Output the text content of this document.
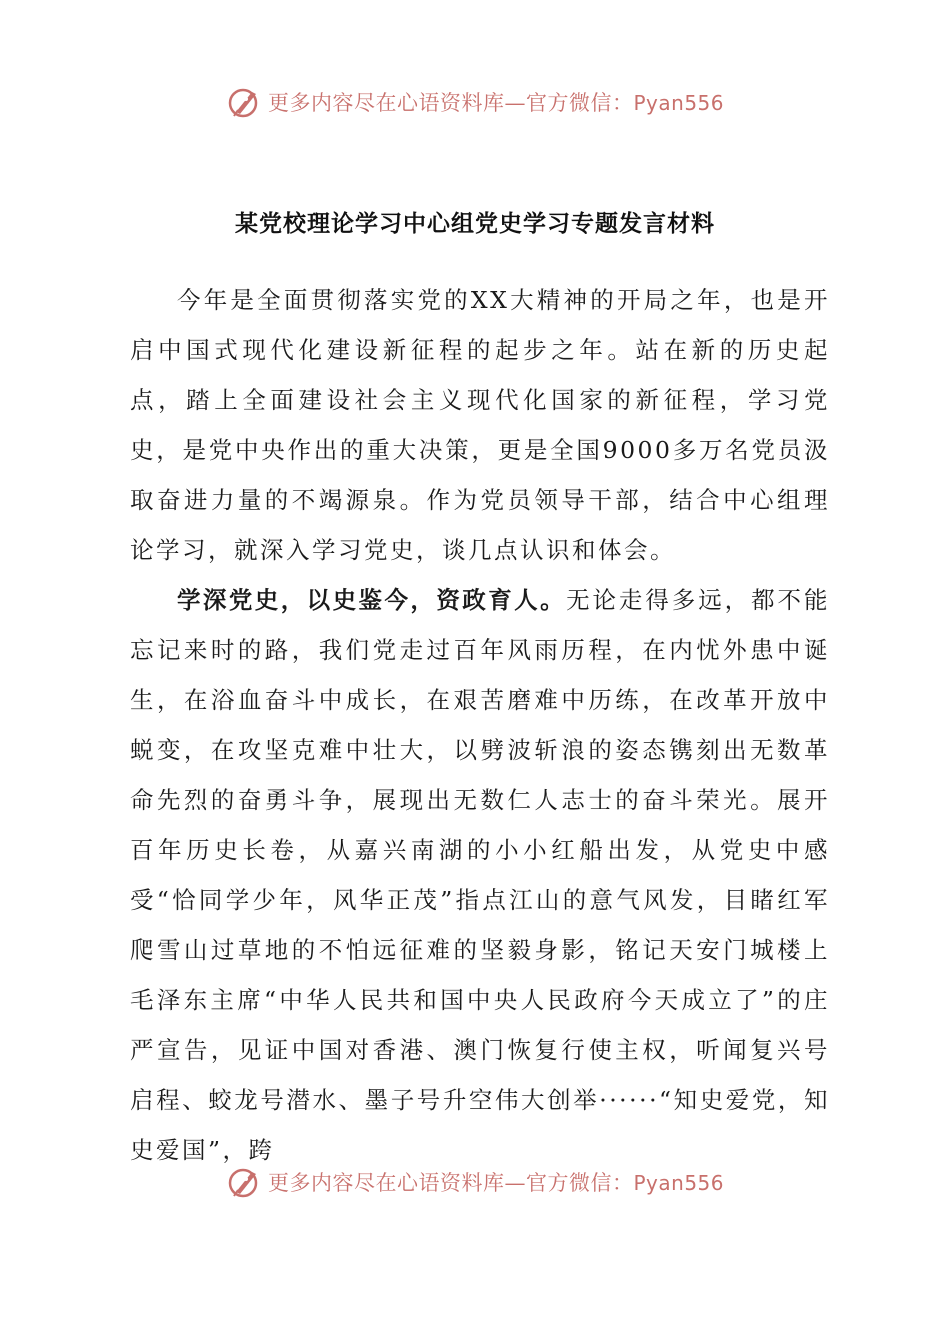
更多内容尽在心语资料库—官方微信：Pyan556
某党校理论学习中心组党史学习专题发言材料

今年是全面贯彻落实党的XX大精神的开局之年，也是开启中国式现代化建设新征程的起步之年。站在新的历史起点，踏上全面建设社会主义现代化国家的新征程，学习党史，是党中央作出的重大决策，更是全国9000多万名党员汲取奋进力量的不竭源泉。作为党员领导干部，结合中心组理论学习，就深入学习党史，谈几点认识和体会。

学深党史，以史鉴今，资政育人。无论走得多远，都不能忘记来时的路，我们党走过百年风雨历程，在内忧外患中诞生，在浴血奋斗中成长，在艰苦磨难中历练，在改革开放中蜕变，在攻坚克难中壮大，以劈波斩浪的姿态镌刻出无数革命先烈的奋勇斗争，展现出无数仁人志士的奋斗荣光。展开百年历史长卷，从嘉兴南湖的小小红船出发，从党史中感受“恰同学少年，风华正茂”指点江山的意气风发，目睹红军爬雪山过草地的不怕远征难的坚毅身影，铭记天安门城楼上毛泽东主席“中华人民共和国中央人民政府今天成立了”的庄严宣告，见证中国对香港、澳门恢复行使主权，听闻复兴号启程、蛟龙号潜水、墨子号升空伟大创举······“知史爱党，知史爱国”，跨

更多内容尽在心语资料库—官方微信：Pyan556
